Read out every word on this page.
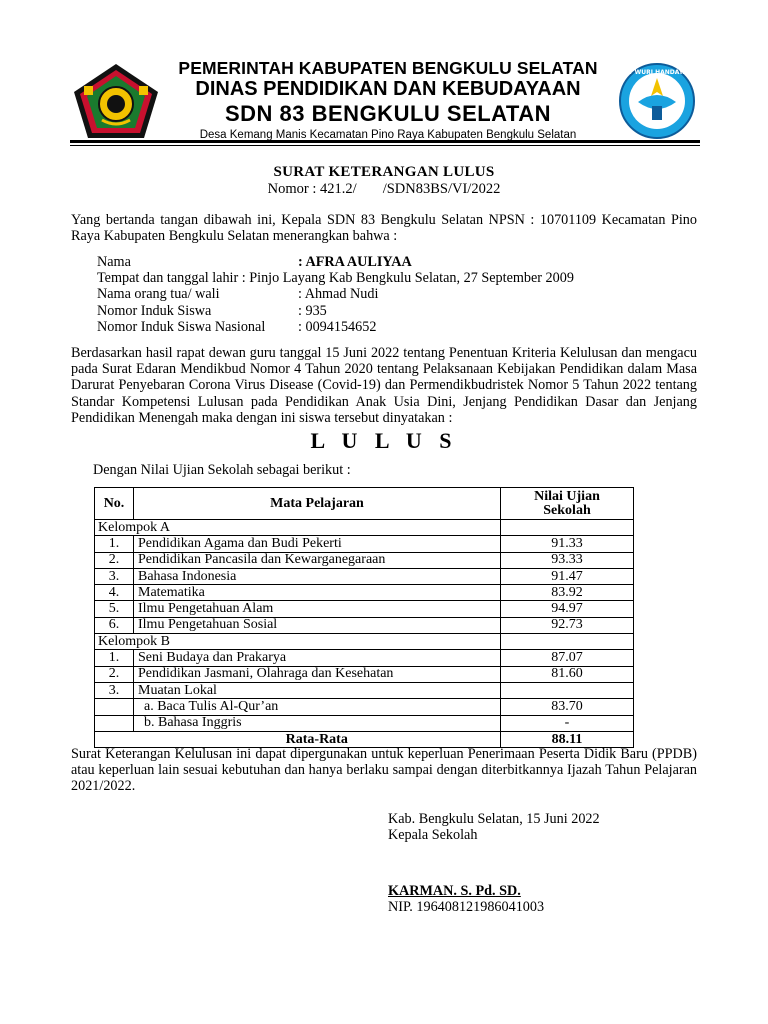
PEMERINTAH KABUPATEN BENGKULU SELATAN
DINAS PENDIDIKAN DAN KEBUDAYAAN
SDN 83 BENGKULU SELATAN
Desa Kemang Manis Kecamatan Pino Raya Kabupaten Bengkulu Selatan
TUT WURI HANDAYANI
SURAT KETERANGAN LULUS
Nomor : 421.2/ /SDN83BS/VI/2022
Yang bertanda tangan dibawah ini, Kepala SDN 83 Bengkulu Selatan NPSN : 10701109 Kecamatan Pino Raya Kabupaten Bengkulu Selatan menerangkan bahwa :
Nama	: AFRA AULIYAA
Tempat dan tanggal lahir : Pinjo Layang Kab Bengkulu Selatan, 27 September 2009
Nama orang tua/ wali	: Ahmad Nudi
Nomor Induk Siswa	: 935
Nomor Induk Siswa Nasional : 0094154652
Berdasarkan hasil rapat dewan guru tanggal 15 Juni 2022 tentang Penentuan Kriteria Kelulusan dan mengacu pada Surat Edaran Mendikbud Nomor 4 Tahun 2020 tentang Pelaksanaan Kebijakan Pendidikan dalam Masa Darurat Penyebaran Corona Virus Disease (Covid-19) dan Permendikbudristek Nomor 5 Tahun 2022 tentang Standar Kompetensi Lulusan pada Pendidikan Anak Usia Dini, Jenjang Pendidikan Dasar dan Jenjang Pendidikan Menengah maka dengan ini siswa tersebut dinyatakan :
L U L U S
Dengan Nilai Ujian Sekolah sebagai berikut :
No.	Mata Pelajaran	Nilai Ujian
Sekolah
Kelompok A		
1.	Pendidikan Agama dan Budi Pekerti	91.33
2.	Pendidikan Pancasila dan Kewarganegaraan	93.33
3.	Bahasa Indonesia	91.47
4.	Matematika	83.92
5.	Ilmu Pengetahuan Alam	94.97
6.	Ilmu Pengetahuan Sosial	92.73
Kelompok B		
1.	Seni Budaya dan Prakarya	87.07
2.	Pendidikan Jasmani, Olahraga dan Kesehatan	81.60
3.	Muatan Lokal	
	a. Baca Tulis Al-Qur’an	83.70
	b. Bahasa Inggris	-
	Rata-Rata	88.11
Surat Keterangan Kelulusan ini dapat dipergunakan untuk keperluan Penerimaan Peserta Didik Baru (PPDB) atau keperluan lain sesuai kebutuhan dan hanya berlaku sampai dengan diterbitkannya Ijazah Tahun Pelajaran 2021/2022.
Kab. Bengkulu Selatan, 15 Juni 2022
Kepala Sekolah
KARMAN. S. Pd. SD.
NIP. 196408121986041003
